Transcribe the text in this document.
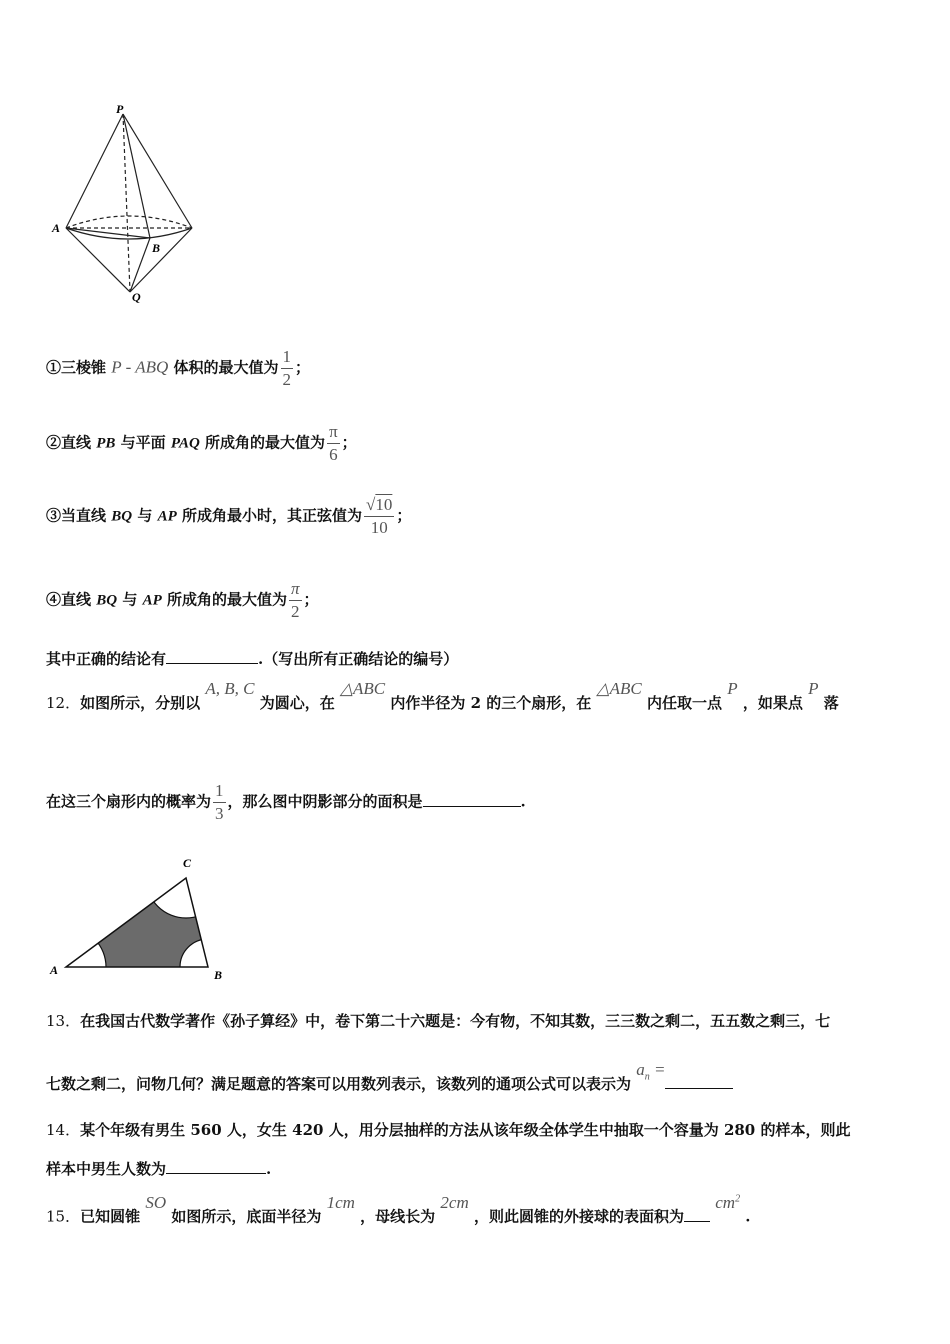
P
A
B
Q
①三棱锥 P - ABQ 体积的最大值为 $\frac{1}{2}$ ；
②直线 PB 与平面 PAQ 所成角的最大值为 $\frac{\pi}{6}$ ；
③当直线 BQ 与 AP 所成角最小时，其正弦值为 $\frac{√10}{10}$ ；
④直线 BQ 与 AP 所成角的最大值为 $\frac{\pi}{2}$ ；
其中正确的结论有	.（写出所有正确结论的编号）
12．如图所示，分别以 A, B, C 为圆心，在 △ABC 内作半径为 2 的三个扇形，在 △ABC 内任取一点 P ，如果点 P 落
在这三个扇形内的概率为 $\frac{1}{3}$ ，那么图中阴影部分的面积是	.
A	B
C
13．在我国古代数学著作《孙子算经》中，卷下第二十六题是：今有物，不知其数，三三数之剩二，五五数之剩三，七
七数之剩二，问物几何？满足题意的答案可以用数列表示，该数列的通项公式可以表示为 $a_n$ =
14．某个年级有男生 560 人，女生 420 人，用分层抽样的方法从该年级全体学生中抽取一个容量为 280 的样本，则此
样本中男生人数为	.
15．已知圆锥 SO 如图所示，底面半径为 1cm ，母线长为 2cm ，则此圆锥的外接球的表面积为 $cm^2$ .
